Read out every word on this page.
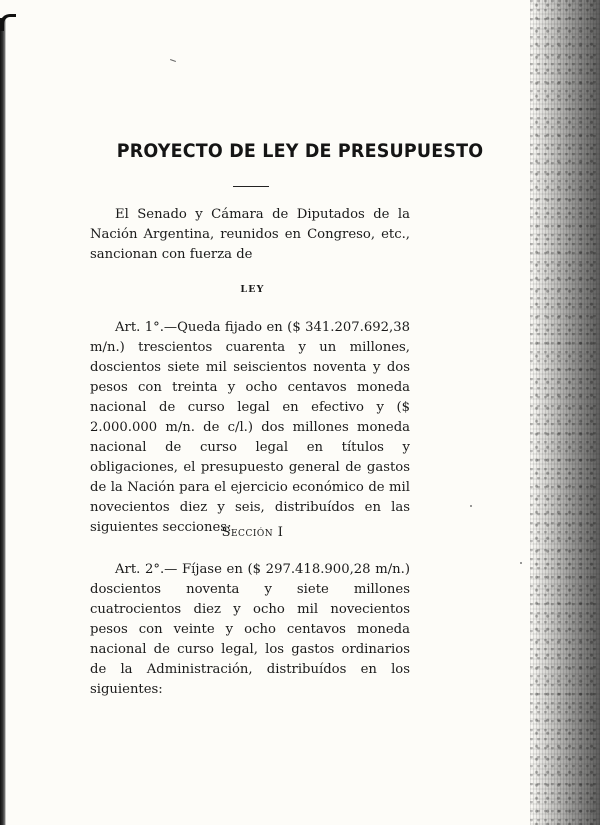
PROYECTO DE LEY DE PRESUPUESTO
El Senado y Cámara de Diputados de la Nación Argentina, reunidos en Congreso, etc., sancionan con fuerza de
LEY
Art. 1°.—Queda fijado en ($ 341.207.692,38 m/n.) trescientos cuarenta y un millones, doscientos siete mil seiscientos noventa y dos pesos con treinta y ocho centavos moneda nacional de curso legal en efectivo y ($ 2.000.000 m/n. de c/l.) dos millones moneda nacional de curso legal en títulos y obligaciones, el presupuesto general de gastos de la Nación para el ejercicio económico de mil novecientos diez y seis, distribuídos en las siguientes secciones:
Sección I
Art. 2°.— Fíjase en ($ 297.418.900,28 m/n.) doscientos noventa y siete millones cuatrocientos diez y ocho mil novecientos pesos con veinte y ocho centavos moneda nacional de curso legal, los gastos ordinarios de la Administración, distribuídos en los siguientes:
